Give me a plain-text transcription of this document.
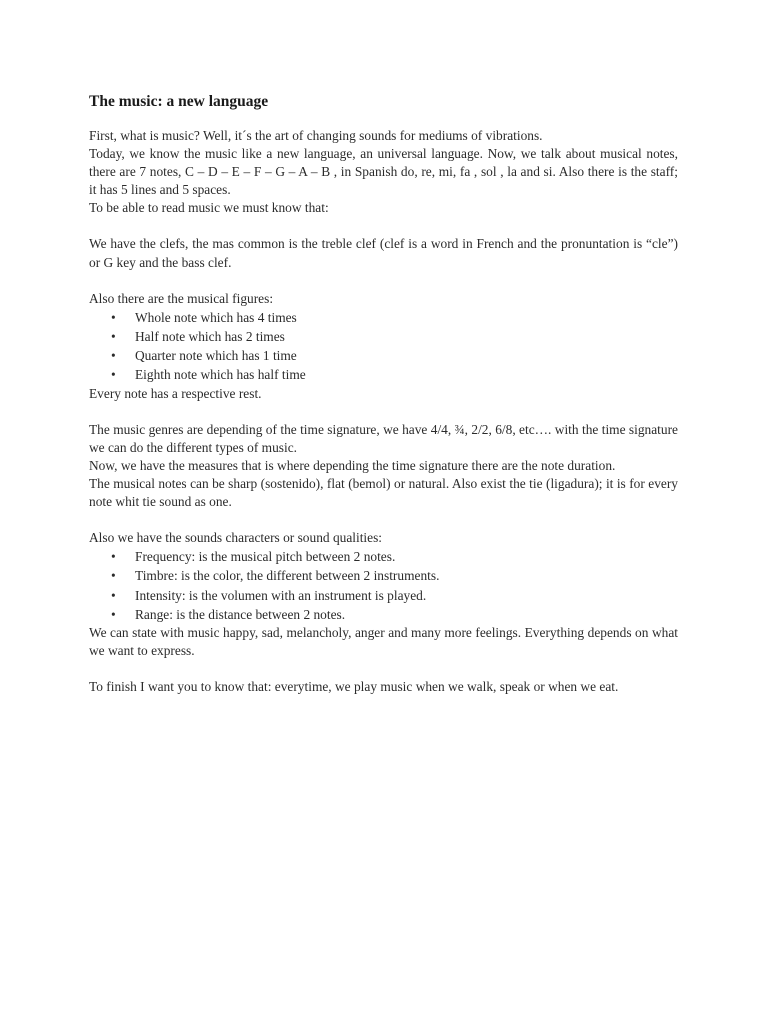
The music: a new language

First, what is music? Well, it´s the art of changing sounds for mediums of vibrations.

Today, we know the music like a new language, an universal language. Now, we talk about musical notes, there are 7 notes, C – D – E – F – G – A – B , in Spanish do, re, mi, fa , sol , la and si. Also there is the staff; it has 5 lines and 5 spaces.

To be able to read music we must know that:

We have the clefs, the mas common is the treble clef (clef is a word in French and the pronuntation is “cle”) or G key and the bass clef.

Also there are the musical figures:

• Whole note which has 4 times
• Half note which has 2 times
• Quarter note which has 1 time
• Eighth note which has half time

Every note has a respective rest.

The music genres are depending of the time signature, we have 4/4, ¾, 2/2, 6/8, etc…. with the time signature we can do the different types of music.

Now, we have the measures that is where depending the time signature there are the note duration.

The musical notes can be sharp (sostenido), flat (bemol) or natural. Also exist the tie (ligadura); it is for every note whit tie sound as one.

Also we have the sounds characters or sound qualities:

• Frequency: is the musical pitch between 2 notes.
• Timbre: is the color, the different between 2 instruments.
• Intensity: is the volumen with an instrument is played.
• Range: is the distance between 2 notes.

We can state with music happy, sad, melancholy, anger and many more feelings. Everything depends on what we want to express.

To finish I want you to know that: everytime, we play music when we walk, speak or when we eat.
